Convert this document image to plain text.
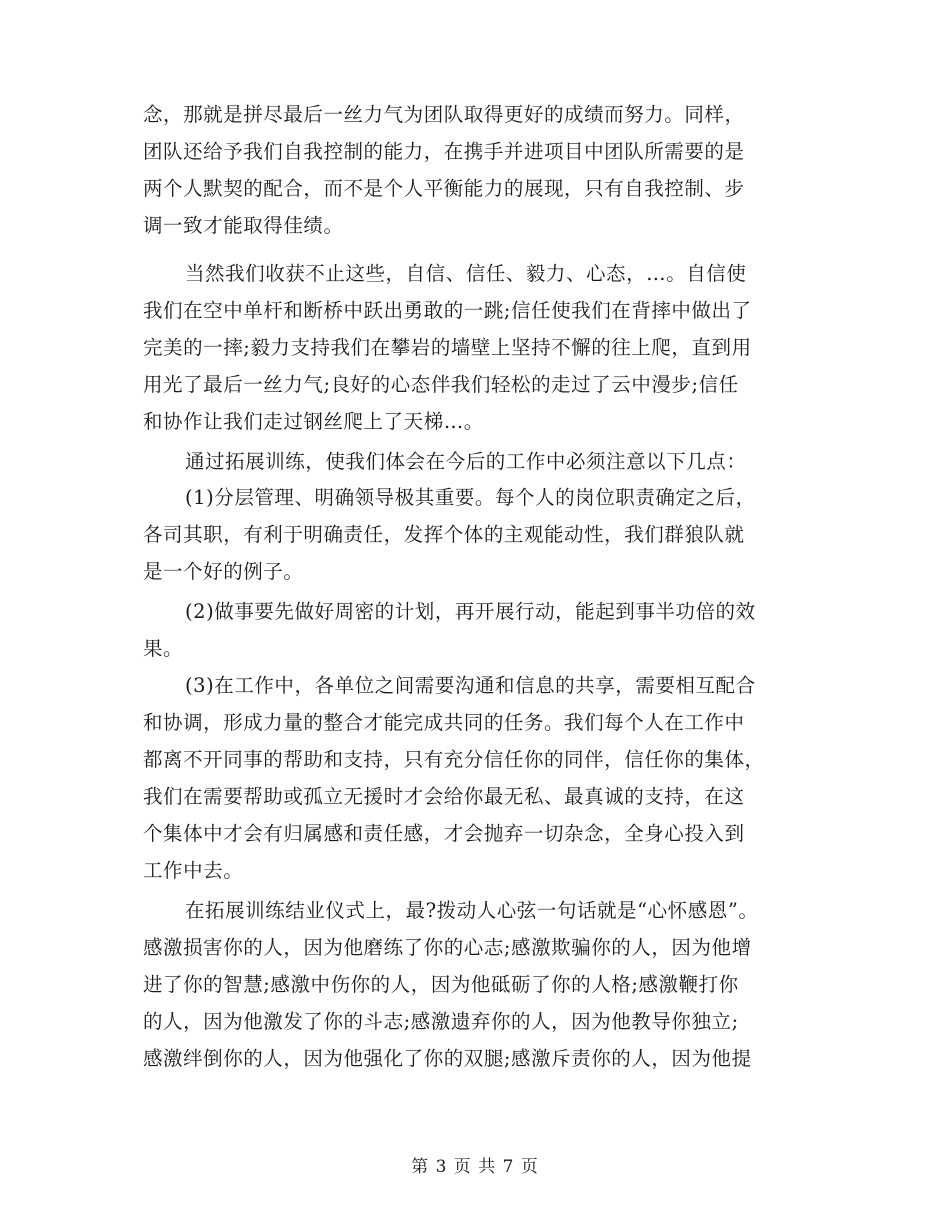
念，那就是拼尽最后一丝力气为团队取得更好的成绩而努力。同样，
团队还给予我们自我控制的能力，在携手并进项目中团队所需要的是
两个人默契的配合，而不是个人平衡能力的展现，只有自我控制、步
调一致才能取得佳绩。
当然我们收获不止这些，自信、信任、毅力、心态，…。自信使
我们在空中单杆和断桥中跃出勇敢的一跳;信任使我们在背摔中做出了
完美的一摔;毅力支持我们在攀岩的墙壁上坚持不懈的往上爬，直到用
用光了最后一丝力气;良好的心态伴我们轻松的走过了云中漫步;信任
和协作让我们走过钢丝爬上了天梯…。
通过拓展训练，使我们体会在今后的工作中必须注意以下几点：
(1)分层管理、明确领导极其重要。每个人的岗位职责确定之后，
各司其职，有利于明确责任，发挥个体的主观能动性，我们群狼队就
是一个好的例子。
(2)做事要先做好周密的计划，再开展行动，能起到事半功倍的效
果。
(3)在工作中，各单位之间需要沟通和信息的共享，需要相互配合
和协调，形成力量的整合才能完成共同的任务。我们每个人在工作中
都离不开同事的帮助和支持，只有充分信任你的同伴，信任你的集体，
我们在需要帮助或孤立无援时才会给你最无私、最真诚的支持，在这
个集体中才会有归属感和责任感，才会抛弃一切杂念，全身心投入到
工作中去。
在拓展训练结业仪式上，最?拨动人心弦一句话就是“心怀感恩”。
感激损害你的人，因为他磨练了你的心志;感激欺骗你的人，因为他增
进了你的智慧;感激中伤你的人，因为他砥砺了你的人格;感激鞭打你
的人，因为他激发了你的斗志;感激遗弃你的人，因为他教导你独立;
感激绊倒你的人，因为他强化了你的双腿;感激斥责你的人，因为他提
第 3 页 共 7 页
